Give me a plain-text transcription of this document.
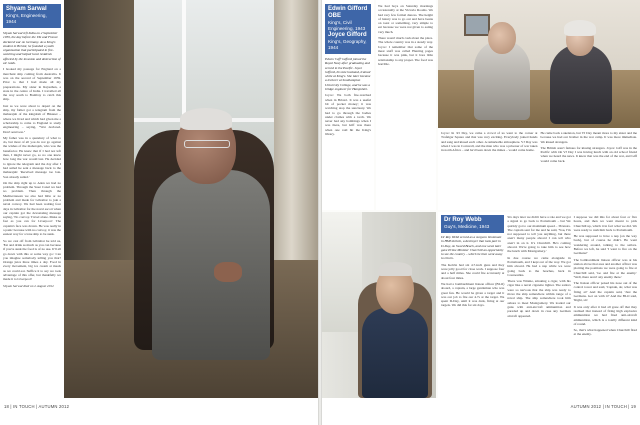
Shyam Sarwal
King's, Engineering, 1944

Shyam Sarwal left India on 2 September 1939, the day before the UK and France declared war on Germany. As a King's student in Bristol, he founded a youth organisation that participated in fire-watching and helped local residents affected by the invasion and destruction of air raids.

I booked my passage for England on a merchant ship coming from Australia. It was on the second of September 1939. Prior to that I had made all my preparations. My sister in Rajasthan, a state in the centre of India. I travelled all the way south to Bombay to catch this ship.

Just as we were about to depart on the ship, my father got a telegram from the maharajah of the kingdom of Bikaner – where we lived and which had given me a scholarship to come to England to study engineering – saying, "War declared. Don't send son."

My father was in a quandary of what to do, but most of all you do not go against the wishes of the maharajah, who was the benefactor. He knew that if I had not left then, I might never go, so no one knew how long the war would last. He decided to ignore the telegram and the day after I had sailed he sent a message back to the maharajah: 'Received message too late. Son already sailed.'

On the ship right up to Aden we had no problem. Through the Suez Canal we had no problem. Then through the Mediterranean we also had little or no problem and made for Gibraltar to join a naval convoy. We had been waiting four days in Gibraltar for the naval escort when our captain got the devastating message saying, 'No convoy. Travel alone. Make as fast as you can for Liverpool.' The captain's face was drawn. He was really in a panic because with no convoy, it was the easiest way for a lone ship to be sunk.

So we cast off from Gibraltar he told us, 'Eat and drink as much as you can because if you're sunk the food is of no use. It'll all go down with this or some way go.' Can you imagine somebody telling you that? Orange juice three times a day. Food in every movement, big ice cream at meals as we could eat. Suffice it to say we took advantage of this offer, but thankfully we made it to Liverpool!

Shyam Sarwal died on 2 August 2012

18 | IN TOUCH | AUTUMN 2012
Edwin Gifford OBE
King's, Civil Engineering, 1943
Joyce Gifford
King's, Geography, 1944

Edwin 'Giff' Gifford joined the Royal Navy after graduating and served in the Pacific. Joyce Gifford, his late husband, trained while at King's. She later became a lecturer at Southampton University College, and he was a bridge engineer for Hampshire.

Joyce: We both fire-watched when in Bristol. It was a useful bit of pocket money; it was watching atop the sanctuary. We had to go through the bodies under clothes with a torch. We never had any bombings when I was there, but Giff was there when one raid hit the King's library.

We had boys on Saturday mornings occasionally at the Victoria Rooms. We had very few formal dances. The height of luxury was to go out and have beans on toast or something, very simple to eat because we were not given to eating very much.

There wasn't much cash about the place. The whole country was in a steady way. Joyce: I remember that some of the meat stuff was called Hunting pages because it was pink, but it bore little relationship to any proper. The food was horrible.

Joyce: In '43 Day, we came a crowd of us went to the corner at Trafalgar Square and that was very exciting. Everybody joined hands and sang and kissed each other. A remarkable atmosphere. VJ Day was when I was in Cornwall, and the man who was a prisoner of war taken in north Africa – and he'd been down the mines – would come home.

He came back a skeleton, but VJ Day meant more to my sister and me because we had our brother in the war camp. It was more immediate. We kissed strangers.

The British aren't famous for kissing strangers. Joyce: Giff was in the Pacific with On VJ Day I was having lunch with an old school friend when we heard the news. It knew that was the end of the war, and Giff would come back.

Dr Roy Webb
Guy's, Medicine, 1943

Dr Roy Webb served as a surgeon lieutenant in HMS Kelvin, a destroyer that took part in D-Day, on Sword Beach, and one week later gave Prime Minister Churchill an opportunity to see the country – which he then went away to return.

The Kelvin had six 4.7-inch guns and they were jolly good for close work. I suppose four and a half miles. She could fire accurately at about four miles.

We had a bombardment liaison officer (BLO) aboard, a captain, a large gentleman who was great fun. He would be given a target and it was our job to fire our 4.7s at the target. We spent D-Day, until it was dark, firing at our targets. We did this for six days.

Six days later we didn't have a role and we got a signal to go back to Portsmouth – but We quickly got to our maximum speed – 36 knots. The captain sent for me and he said, 'You, I'm not supposed to tell you anything, but there aren't many people aboard I can tell who aren't in on it. It's Churchill. He's coming aboard. We're going to take him to see how the lunch with Montgomery.'

In due course we came alongside in Portsmouth, and I kept out of the way. We got him aboard. He had a nap while we were going back to the beaches, back in Courseulles.

There was Winnie, smoking a cigar, with his cigar like a naval cigarette lighter. The sailors were so nervous that the ship was ready to move the ship somewhere within range of a naval ship. The ship somewhere took him ashore to meet Montgomery. We loaded our guns with anti-aircraft ammunition and paraded up and down in case any German aircraft appeared.

I suppose we did this for about four or five hours, and then we went meant to pick Churchill up, which it in fact what we did. We were ready to rush him back to Portsmouth.

He was supposed to have a nap (on the way back), but of course he didn't. He went wandering around, talking to the sailors. Before we left, he said 'I want to fire on the Germans!'

The bombardment liaison officer was at his station above that area and another officer was plotting the positions we were going to fire at Churchill said, 'Go and fire at the enemy.' 'Well, there aren't any enemy there.'

The liaison officer poked his nose out of the control tower and said, 'Captain, sir, what was firing at? And the captain said, 'Just the Germans. Get on with it!' And the BLO said, 'Right, sir.'

It was only after it had all gone off that they realised that instead of firing high explosive ammunition we had fired anti-aircraft ammunition, which is a totally different kind of round.

So, that's what happened when Churchill fired at the enemy.

AUTUMN 2012 | IN TOUCH | 19
